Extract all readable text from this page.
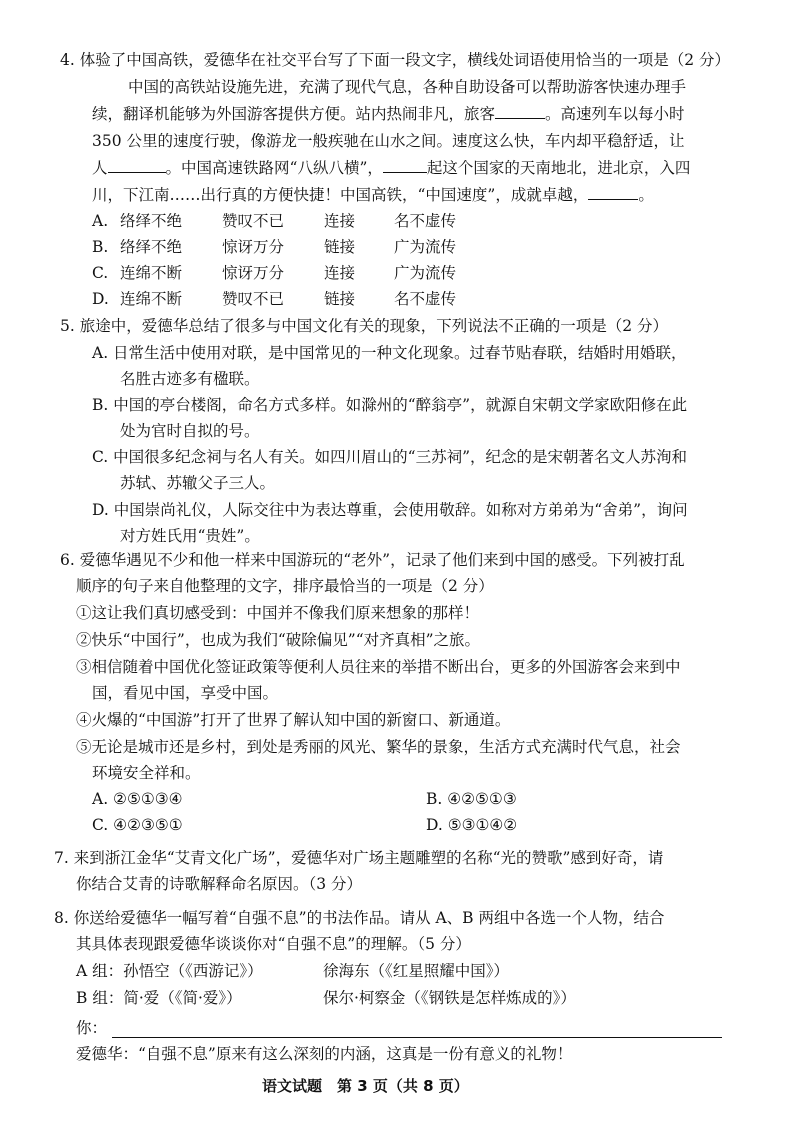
4. 体验了中国高铁，爱德华在社交平台写了下面一段文字，横线处词语使用恰当的一项是（2 分）
中国的高铁站设施先进，充满了现代气息，各种自助设备可以帮助游客快速办理手
续，翻译机能够为外国游客提供方便。站内热闹非凡，旅客	。高速列车以每小时
350 公里的速度行驶，像游龙一般疾驰在山水之间。速度这么快，车内却平稳舒适，让
人	。中国高速铁路网“八纵八横”，	起这个国家的天南地北，进北京，入四
川，下江南……出行真的方便快捷！中国高铁，“中国速度”，成就卓越，	。
A. 络绎不绝	赞叹不已	连接	名不虚传
B. 络绎不绝	惊讶万分	链接	广为流传
C. 连绵不断	惊讶万分	连接	广为流传
D. 连绵不断	赞叹不已	链接	名不虚传
5. 旅途中，爱德华总结了很多与中国文化有关的现象，下列说法不正确的一项是（2 分）
A. 日常生活中使用对联，是中国常见的一种文化现象。过春节贴春联，结婚时用婚联，
名胜古迹多有楹联。
B. 中国的亭台楼阁，命名方式多样。如滁州的“醉翁亭”，就源自宋朝文学家欧阳修在此
处为官时自拟的号。
C. 中国很多纪念祠与名人有关。如四川眉山的“三苏祠”，纪念的是宋朝著名文人苏洵和
苏轼、苏辙父子三人。
D. 中国崇尚礼仪，人际交往中为表达尊重，会使用敬辞。如称对方弟弟为“舍弟”，询问
对方姓氏用“贵姓”。
6. 爱德华遇见不少和他一样来中国游玩的“老外”，记录了他们来到中国的感受。下列被打乱
顺序的句子来自他整理的文字，排序最恰当的一项是（2 分）
①这让我们真切感受到：中国并不像我们原来想象的那样！
②快乐“中国行”，也成为我们“破除偏见”“对齐真相”之旅。
③相信随着中国优化签证政策等便利人员往来的举措不断出台，更多的外国游客会来到中
国，看见中国，享受中国。
④火爆的“中国游”打开了世界了解认知中国的新窗口、新通道。
⑤无论是城市还是乡村，到处是秀丽的风光、繁华的景象，生活方式充满时代气息，社会
环境安全祥和。
A. ②⑤①③④	B. ④②⑤①③
C. ④②③⑤①	D. ⑤③①④②
7. 来到浙江金华“艾青文化广场”，爱德华对广场主题雕塑的名称“光的赞歌”感到好奇，请
你结合艾青的诗歌解释命名原因。（3 分）
8. 你送给爱德华一幅写着“自强不息”的书法作品。请从 A、B 两组中各选一个人物，结合
其具体表现跟爱德华谈谈你对“自强不息”的理解。（5 分）
A 组：孙悟空（《西游记》）	徐海东（《红星照耀中国》）
B 组：简·爱（《简·爱》）	保尔·柯察金（《钢铁是怎样炼成的》）
你：
爱德华：“自强不息”原来有这么深刻的内涵，这真是一份有意义的礼物！
语文试题　第 3 页（共 8 页）
